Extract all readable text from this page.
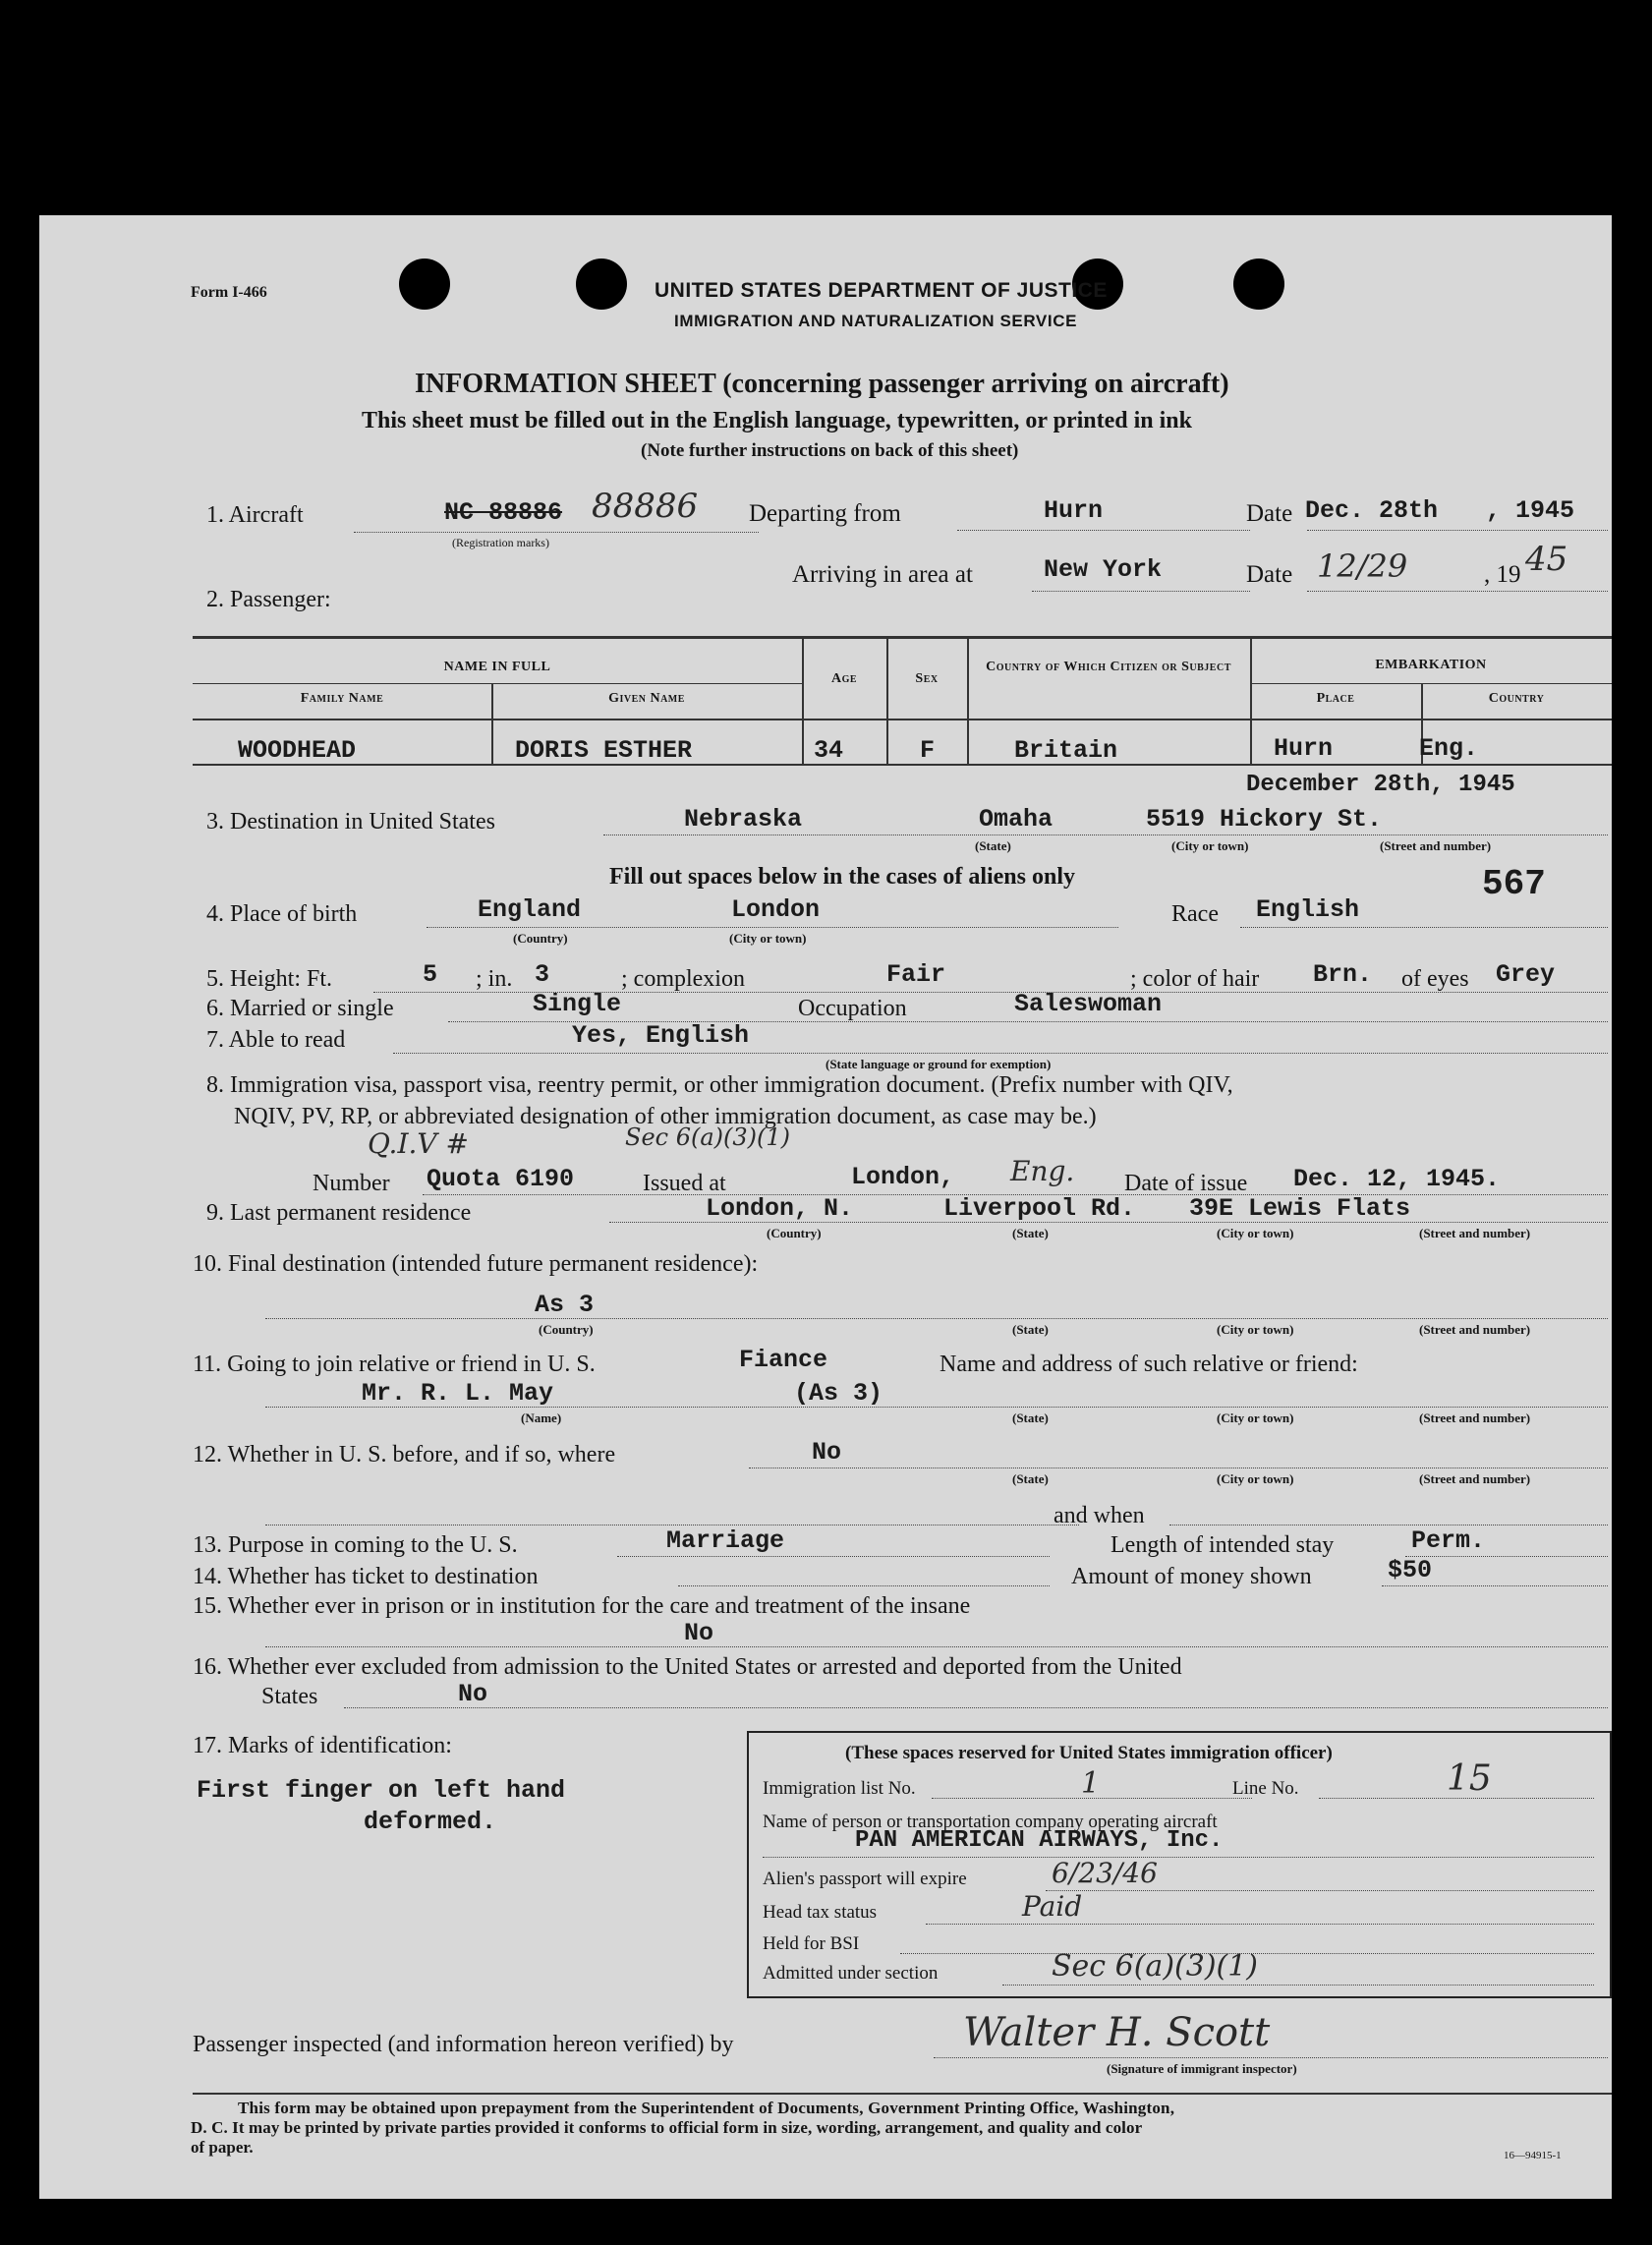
Form I-466	UNITED STATES DEPARTMENT OF JUSTICE
IMMIGRATION AND NATURALIZATION SERVICE
INFORMATION SHEET (concerning passenger arriving on aircraft)
This sheet must be filled out in the English language, typewritten, or printed in ink
(Note further instructions on back of this sheet)
1. Aircraft	NC 88886 88886
(Registration marks)
Departing from	Hurn	Date Dec. 28th , 1945
Arriving in area at	New York	Date 12/29	, 19 45
2. Passenger:
NAME IN FULL
Family Name	Given Name
Age	Sex
Country of Which Citizen or Subject	EMBARKATION
Place	Country
WOODHEAD	DORIS ESTHER	34	F	Britain	Hurn	Eng.
December 28th, 1945
3. Destination in United States	Nebraska	Omaha	5519 Hickory St.
(State)	(City or town)	(Street and number)
Fill out spaces below in the cases of aliens only	567
4. Place of birth	England	London
(Country)	(City or town)
Race English
5. Height: Ft.	5 ; in. 3	; complexion	Fair	; color of hair Brn. of eyes Grey
6. Married or single	Single	Occupation	Saleswoman
7. Able to read	Yes, English
(State language or ground for exemption)
8. Immigration visa, passport visa, reentry permit, or other immigration document. (Prefix number with QIV,
NQIV, PV, RP, or abbreviated designation of other immigration document, as case may be.)
Q.I.V #	Sec 6(a)(3)(1)
Number Quota 6190	Issued at	London, Eng. Date of issue Dec. 12, 1945.
9. Last permanent residence	London, N.	Liverpool Rd. 39E Lewis Flats
(Country)	(State)	(City or town)	(Street and number)
10. Final destination (intended future permanent residence):
As 3
(Country)	(State)	(City or town)	(Street and number)
11. Going to join relative or friend in U. S.	Fiance	Name and address of such relative or friend:
Mr. R. L. May	(As 3)
(Name)	(State)	(City or town)	(Street and number)
12. Whether in U. S. before, and if so, where	No
(State)	(City or town)	(Street and number)
and when
13. Purpose in coming to the U. S.	Marriage	Length of intended stay	Perm.
14. Whether has ticket to destination	Amount of money shown	$50
15. Whether ever in prison or in institution for the care and treatment of the insane
No
16. Whether ever excluded from admission to the United States or arrested and deported from the United
States	No
17. Marks of identification:
First finger on left hand
deformed.
(These spaces reserved for United States immigration officer)
Immigration list No.	1	Line No.	15
Name of person or transportation company operating aircraft
PAN AMERICAN AIRWAYS, Inc.
Alien's passport will expire	6/23/46
Head tax status	Paid
Held for BSI
Admitted under section	Sec 6(a)(3)(1)
Passenger inspected (and information hereon verified) by	Walter H. Scott
(Signature of immigrant inspector)
This form may be obtained upon prepayment from the Superintendent of Documents, Government Printing Office, Washington,
D. C. It may be printed by private parties provided it conforms to official form in size, wording, arrangement, and quality and color
of paper.	16—94915-1
